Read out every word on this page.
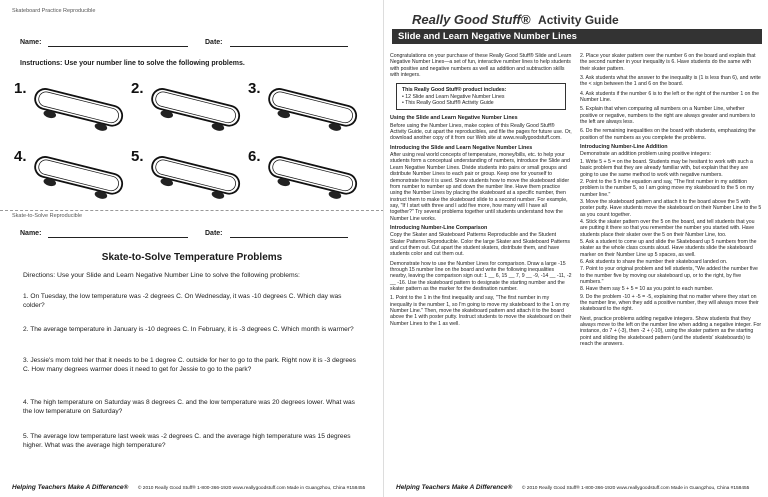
Skateboard Practice Reproducible
Name:	Date:
Instructions: Use your number line to solve the following problems.
1.	2.	3.
4.	5.	6.
Skate-to-Solve Reproducible
Name:	Date:
Skate-to-Solve Temperature Problems
Directions: Use your Slide and Learn Negative Number Line to solve the following problems:
1. On Tuesday, the low temperature was -2 degrees C. On Wednesday, it was -10 degrees C. Which day was colder?
2. The average temperature in January is -10 degrees C. In February, it is -3 degrees C. Which month is warmer?
3. Jessie's mom told her that it needs to be 1 degree C. outside for her to go to the park. Right now it is -3 degrees C. How many degrees warmer does it need to get for Jessie to go to the park?
4. The high temperature on Saturday was 8 degrees C. and the low temperature was 20 degrees lower. What was the low temperature on Saturday?
5. The average low temperature last week was -2 degrees C. and the average high temperature was 15 degrees higher. What was the average high temperature?
Helping Teachers Make A Difference® © 2010 Really Good Stuff® 1-800-366-1920 www.reallygoodstuff.com Made in Guangzhou, China #158455
Really Good Stuff® Activity Guide
Slide and Learn Negative Number Lines

Congratulations on your purchase of these Really Good Stuff® Slide and Learn Negative Number Lines—a set of fun, interactive number lines to help students with positive and negative numbers as well as addition and subtraction skills with integers.

This Really Good Stuff® product includes:
• 12 Slide and Learn Negative Number Lines
• This Really Good Stuff® Activity Guide
Using the Slide and Learn Negative Number Lines

Before using the Number Lines, make copies of this Really Good Stuff® Activity Guide, cut apart the reproducibles, and file the pages for future use. Or, download another copy of it from our Web site at www.reallygoodstuff.com.

Introducing the Slide and Learn Negative Number Lines

After using real world concepts of temperature, money/bills, etc. to help your students form a conceptual understanding of numbers, introduce the Slide and Learn Negative Number Lines. Divide students into pairs or small groups and distribute Number Lines to each pair or group. Keep one for yourself to demonstrate how it is used. Show students how to move the skateboard slider from number to number up and down the number line. Have them practice using the Number Lines by placing the skateboard at a specific number, then instruct them to make the skateboard slide to a second number. For example, say, "If I start with three and I add five more, how many will I have all together?" Try several problems together until students understand how the Number Line works.

Introducing Number-Line Comparison

Copy the Skater and Skateboard Patterns Reproducible and the Student Skater Patterns Reproducible. Color the large Skater and Skateboard Patterns and cut them out. Cut apart the student skaters, distribute them, and have students color and cut them out.

Demonstrate how to use the Number Lines for comparison. Draw a large -15 through 15 number line on the board and write the following inequalities nearby, leaving the comparison sign out: 1 __ 6, 15 __ 7, 9 __ -9, -14 __ -11, -2 __ -16. Use the skateboard pattern to designate the starting number and the skater pattern as the marker for the destination number.

1. Point to the 1 in the first inequality and say, "The first number in my inequality is the number 1, so I'm going to move my skateboard to the 1 on my Number Line." Then, move the skateboard pattern and attach it to the board above the 1 with poster putty. Instruct students to move the skateboard on their Number Lines to the 1 as well.

2. Place your skater pattern over the number 6 on the board and explain that the second number in your inequality is 6. Have students do the same with their skater pattern.

3. Ask students what the answer to the inequality is (1 is less than 6), and write the < sign between the 1 and 6 on the board.

4. Ask students if the number 6 is to the left or the right of the number 1 on the Number Line.

5. Explain that when comparing all numbers on a Number Line, whether positive or negative, numbers to the right are always greater and numbers to the left are always less.

6. Do the remaining inequalities on the board with students, emphasizing the position of the numbers as you complete the problems.

Introducing Number-Line Addition

Demonstrate an addition problem using positive integers:

1. Write 5 + 5 = on the board. Students may be hesitant to work with such a basic problem that they are already familiar with, but explain that they are going to use the same method to work with negative numbers.

2. Point to the 5 in the equation and say, "The first number in my addition problem is the number 5, so I am going move my skateboard to the 5 on my number line."

3. Move the skateboard pattern and attach it to the board above the 5 with poster putty. Have students move the skateboard on their Number Line to the 5 as you count together.

4. Stick the skater pattern over the 5 on the board, and tell students that you are putting it there so that you remember the number you started with. Have students place their skater over the 5 on their Number Line, too.

5. Ask a student to come up and slide the Skateboard up 5 numbers from the skater as the whole class counts aloud. Have students slide the skateboard marker on their Number Line up 5 spaces, as well.

6. Ask students to share the number their skateboard landed on.

7. Point to your original problem and tell students, "We added the number five to the number five by moving our skateboard up, or to the right, by five numbers."

8. Have them say 5 + 5 = 10 as you point to each number.

9. Do the problem -10 + -5 = -5, explaining that no matter where they start on the number line, when they add a positive number, they will always move their skateboard to the right.

Next, practice problems adding negative integers. Show students that they always move to the left on the number line when adding a negative integer. For instance, do 7 + (-3), then -2 + (-10), using the skater pattern as the starting point and sliding the skateboard pattern (and the students' skateboards) to reach the answers.

Helping Teachers Make A Difference® © 2010 Really Good Stuff® 1-800-366-1920 www.reallygoodstuff.com Made in Guangzhou, China #158455
